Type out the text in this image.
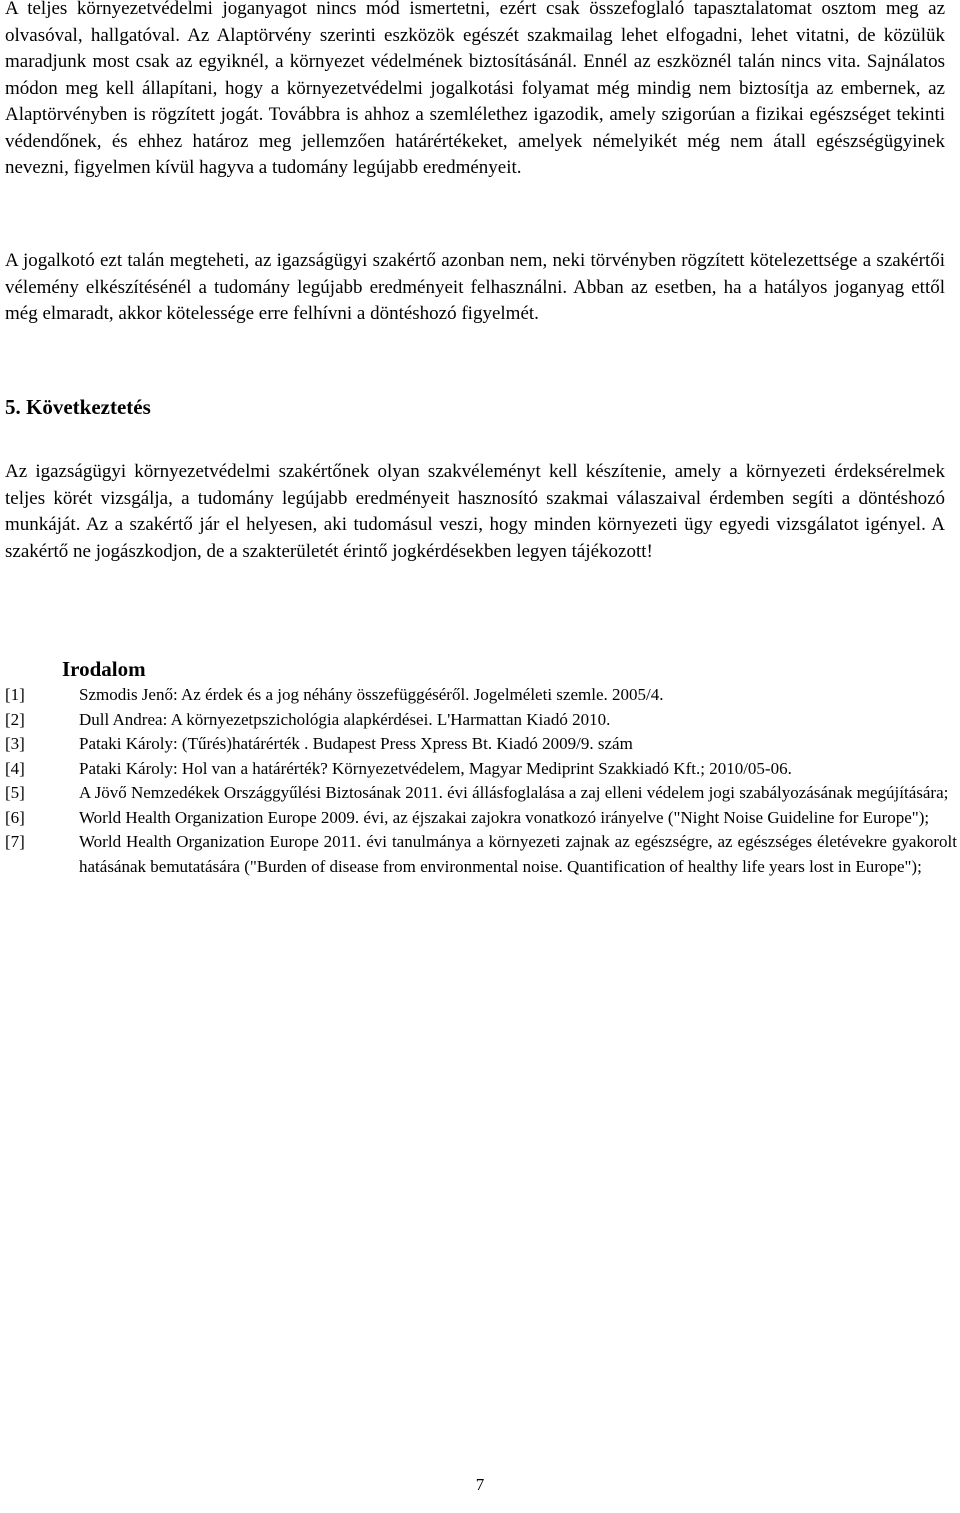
A teljes környezetvédelmi joganyagot nincs mód ismertetni, ezért csak összefoglaló tapasztalatomat osztom meg az olvasóval, hallgatóval. Az Alaptörvény szerinti eszközök egészét szakmailag lehet elfogadni, lehet vitatni, de közülük maradjunk most csak az egyiknél, a környezet védelmének biztosításánál. Ennél az eszköznél talán nincs vita. Sajnálatos módon meg kell állapítani, hogy a környezetvédelmi jogalkotási folyamat még mindig nem biztosítja az embernek, az Alaptörvényben is rögzített jogát. Továbbra is ahhoz a szemlélethez igazodik, amely szigorúan a fizikai egészséget tekinti védendőnek, és ehhez határoz meg jellemzően határértékeket, amelyek némelyikét még nem átall egészségügyinek nevezni, figyelmen kívül hagyva a tudomány legújabb eredményeit.

A jogalkotó ezt talán megteheti, az igazságügyi szakértő azonban nem, neki törvényben rögzített kötelezettsége a szakértői vélemény elkészítésénél a tudomány legújabb eredményeit felhasználni. Abban az esetben, ha a hatályos joganyag ettől még elmaradt, akkor kötelessége erre felhívni a döntéshozó figyelmét.

5. Következtetés

Az igazságügyi környezetvédelmi szakértőnek olyan szakvéleményt kell készítenie, amely a környezeti érdeksérelmek teljes körét vizsgálja, a tudomány legújabb eredményeit hasznosító szakmai válaszaival érdemben segíti a döntéshozó munkáját. Az a szakértő jár el helyesen, aki tudomásul veszi, hogy minden környezeti ügy egyedi vizsgálatot igényel. A szakértő ne jogászkodjon, de a szakterületét érintő jogkérdésekben legyen tájékozott!

Irodalom
[1]	Szmodis Jenő: Az érdek és a jog néhány összefüggéséről. Jogelméleti szemle. 2005/4.
[2]	Dull Andrea: A környezetpszichológia alapkérdései. L'Harmattan Kiadó 2010.
[3]	Pataki Károly: (Tűrés)határérték . Budapest Press Xpress Bt. Kiadó 2009/9. szám
[4]	Pataki Károly: Hol van a határérték? Környezetvédelem, Magyar Mediprint Szakkiadó Kft.; 2010/05-06.
[5]	A Jövő Nemzedékek Országgyűlési Biztosának 2011. évi állásfoglalása a zaj elleni védelem jogi szabályozásának megújítására;
[6]	World Health Organization Europe 2009. évi, az éjszakai zajokra vonatkozó irányelve ("Night Noise Guideline for Europe");
[7]	World Health Organization Europe 2011. évi tanulmánya a környezeti zajnak az egészségre, az egészséges életévekre gyakorolt hatásának bemutatására ("Burden of disease from environmental noise. Quantification of healthy life years lost in Europe");
7
